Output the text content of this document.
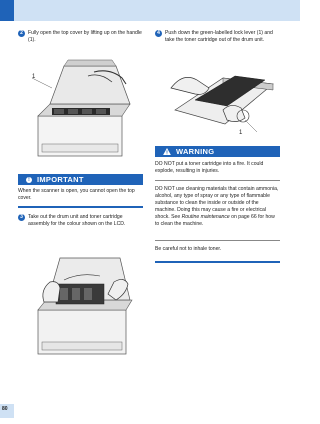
2	Fully open the top cover by lifting up on the handle (1).
1
! IMPORTANT
When the scanner is open, you cannot open the top cover.
3	Take out the drum unit and toner cartridge assembly for the colour shown on the LCD.
4	Push down the green-labelled lock lever (1) and take the toner cartridge out of the drum unit.
1
WARNING
DO NOT put a toner cartridge into a fire. It could explode, resulting in injuries.
DO NOT use cleaning materials that contain ammonia, alcohol, any type of spray or any type of flammable substance to clean the inside or outside of the machine. Doing this may cause a fire or electrical shock. See Routine maintenance on page 66 for how to clean the machine.
Be careful not to inhale toner.
80
